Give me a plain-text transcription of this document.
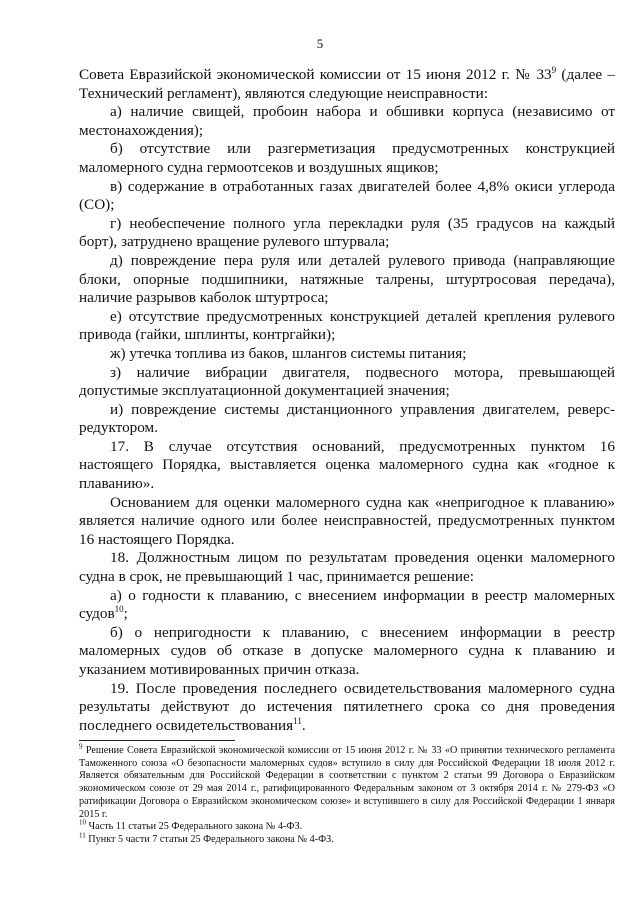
5

Совета Евразийской экономической комиссии от 15 июня 2012 г. № $33^9$ (далее – Технический регламент), являются следующие неисправности:

а) наличие свищей, пробоин набора и обшивки корпуса (независимо от местонахождения);

б) отсутствие или разгерметизация предусмотренных конструкцией маломерного судна гермоотсеков и воздушных ящиков;

в) содержание в отработанных газах двигателей более 4,8% окиси углерода (СО);

г) необеспечение полного угла перекладки руля (35 градусов на каждый борт), затруднено вращение рулевого штурвала;

д) повреждение пера руля или деталей рулевого привода (направляющие блоки, опорные подшипники, натяжные талрены, штуртросовая передача), наличие разрывов каболок штуртроса;

е) отсутствие предусмотренных конструкцией деталей крепления рулевого привода (гайки, шплинты, контргайки);

ж) утечка топлива из баков, шлангов системы питания;

з) наличие вибрации двигателя, подвесного мотора, превышающей допустимые эксплуатационной документацией значения;

и) повреждение системы дистанционного управления двигателем, реверс-редуктором.

17. В случае отсутствия оснований, предусмотренных пунктом 16 настоящего Порядка, выставляется оценка маломерного судна как «годное к плаванию».

Основанием для оценки маломерного судна как «непригодное к плаванию» является наличие одного или более неисправностей, предусмотренных пунктом 16 настоящего Порядка.

18. Должностным лицом по результатам проведения оценки маломерного судна в срок, не превышающий 1 час, принимается решение:

а) о годности к плаванию, с внесением информации в реестр маломерных судов$^{10}$;

б) о непригодности к плаванию, с внесением информации в реестр маломерных судов об отказе в допуске маломерного судна к плаванию и указанием мотивированных причин отказа.

19. После проведения последнего освидетельствования маломерного судна результаты действуют до истечения пятилетнего срока со дня проведения последнего освидетельствования$^{11}$.

$^9$ Решение Совета Евразийской экономической комиссии от 15 июня 2012 г. № 33 «О принятии технического регламента Таможенного союза «О безопасности маломерных судов» вступило в силу для Российской Федерации 18 июля 2012 г. Является обязательным для Российской Федерации в соответствии с пунктом 2 статьи 99 Договора о Евразийском экономическом союзе от 29 мая 2014 г., ратифицированного Федеральным законом от 3 октября 2014 г. № 279-ФЗ «О ратификации Договора о Евразийском экономическом союзе» и вступившего в силу для Российской Федерации 1 января 2015 г.

$^{10}$ Часть 11 статьи 25 Федерального закона № 4-ФЗ.

$^{11}$ Пункт 5 части 7 статьи 25 Федерального закона № 4-ФЗ.
